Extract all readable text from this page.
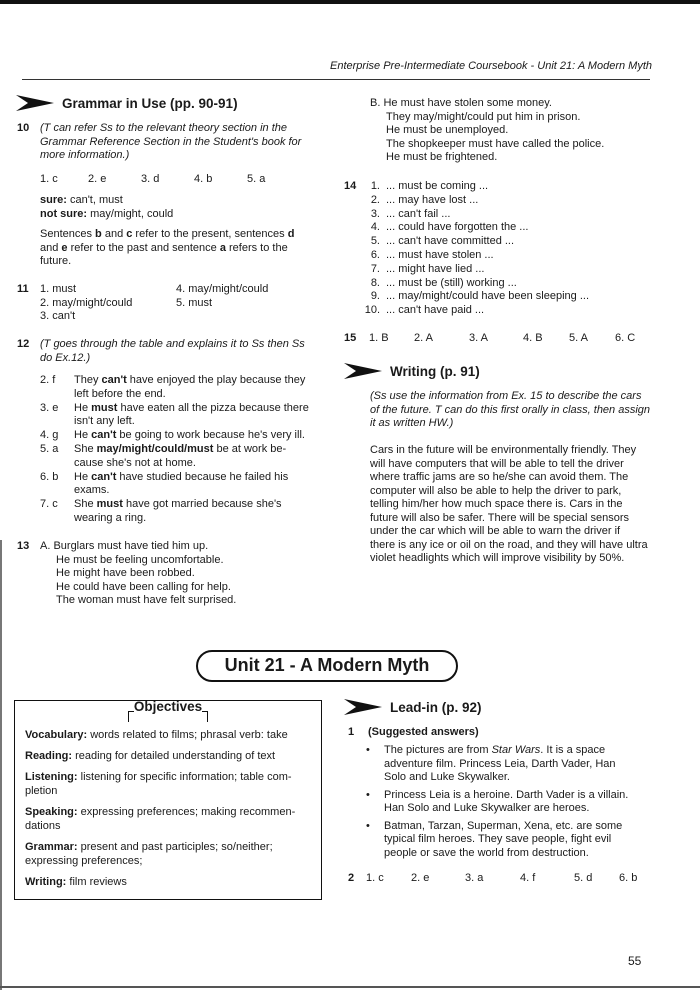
Enterprise Pre-Intermediate Coursebook - Unit 21: A Modern Myth
Grammar in Use (pp. 90-91)
10 (T can refer Ss to the relevant theory section in the
Grammar Reference Section in the Student's book for
more information.)
1. c	2. e	3. d	4. b	5. a
sure: can't, must
not sure: may/might, could
Sentences b and c refer to the present, sentences d
and e refer to the past and sentence a refers to the
future.
11 1. must
2. may/might/could
3. can't
4. may/might/could
5. must
12 (T goes through the table and explains it to Ss then Ss
do Ex.12.)
2. f They can't have enjoyed the play because they
left before the end.
3. e He must have eaten all the pizza because there
isn't any left.
4. g He can't be going to work because he's very ill.
5. a She may/might/could/must be at work be-
cause she's not at home.
6. b He can't have studied because he failed his
exams.
7. c She must have got married because she's
wearing a ring.
13 A. Burglars must have tied him up.
He must be feeling uncomfortable.
He might have been robbed.
He could have been calling for help.
The woman must have felt surprised.
B. He must have stolen some money.
They may/might/could put him in prison.
He must be unemployed.
The shopkeeper must have called the police.
He must be frightened.
14 1. ... must be coming ...
2. ... may have lost ...
3. ... can't fail ...
4. ... could have forgotten the ...
5. ... can't have committed ...
6. ... must have stolen ...
7. ... might have lied ...
8. ... must be (still) working ...
9. ... may/might/could have been sleeping ...
10. ... can't have paid ...
15 1. B 2. A	3. A	4. B 5. A 6. C
Writing (p. 91)
(Ss use the information from Ex. 15 to describe the cars
of the future. T can do this first orally in class, then assign
it as written HW.)
Cars in the future will be environmentally friendly. They
will have computers that will be able to tell the driver
where traffic jams are so he/she can avoid them. The
computer will also be able to help the driver to park,
telling him/her how much space there is. Cars in the
future will also be safer. There will be special sensors
under the car which will be able to warn the driver if
there is any ice or oil on the road, and they will have ultra
violet headlights which will improve visibility by 50%.
Unit 21 - A Modern Myth
Objectives
Vocabulary: words related to films; phrasal verb: take
Reading: reading for detailed understanding of text
Listening: listening for specific information; table com-
pletion
Speaking: expressing preferences; making recommen-
dations
Grammar: present and past participles; so/neither;
expressing preferences;
Writing: film reviews
Lead-in (p. 92)
1 (Suggested answers)
• The pictures are from Star Wars. It is a space
adventure film. Princess Leia, Darth Vader, Han
Solo and Luke Skywalker.
• Princess Leia is a heroine. Darth Vader is a villain.
Han Solo and Luke Skywalker are heroes.
• Batman, Tarzan, Superman, Xena, etc. are some
typical film heroes. They save people, fight evil
people or save the world from destruction.
2 1. c 2. e	3. a	4. f	5. d 6. b
55
